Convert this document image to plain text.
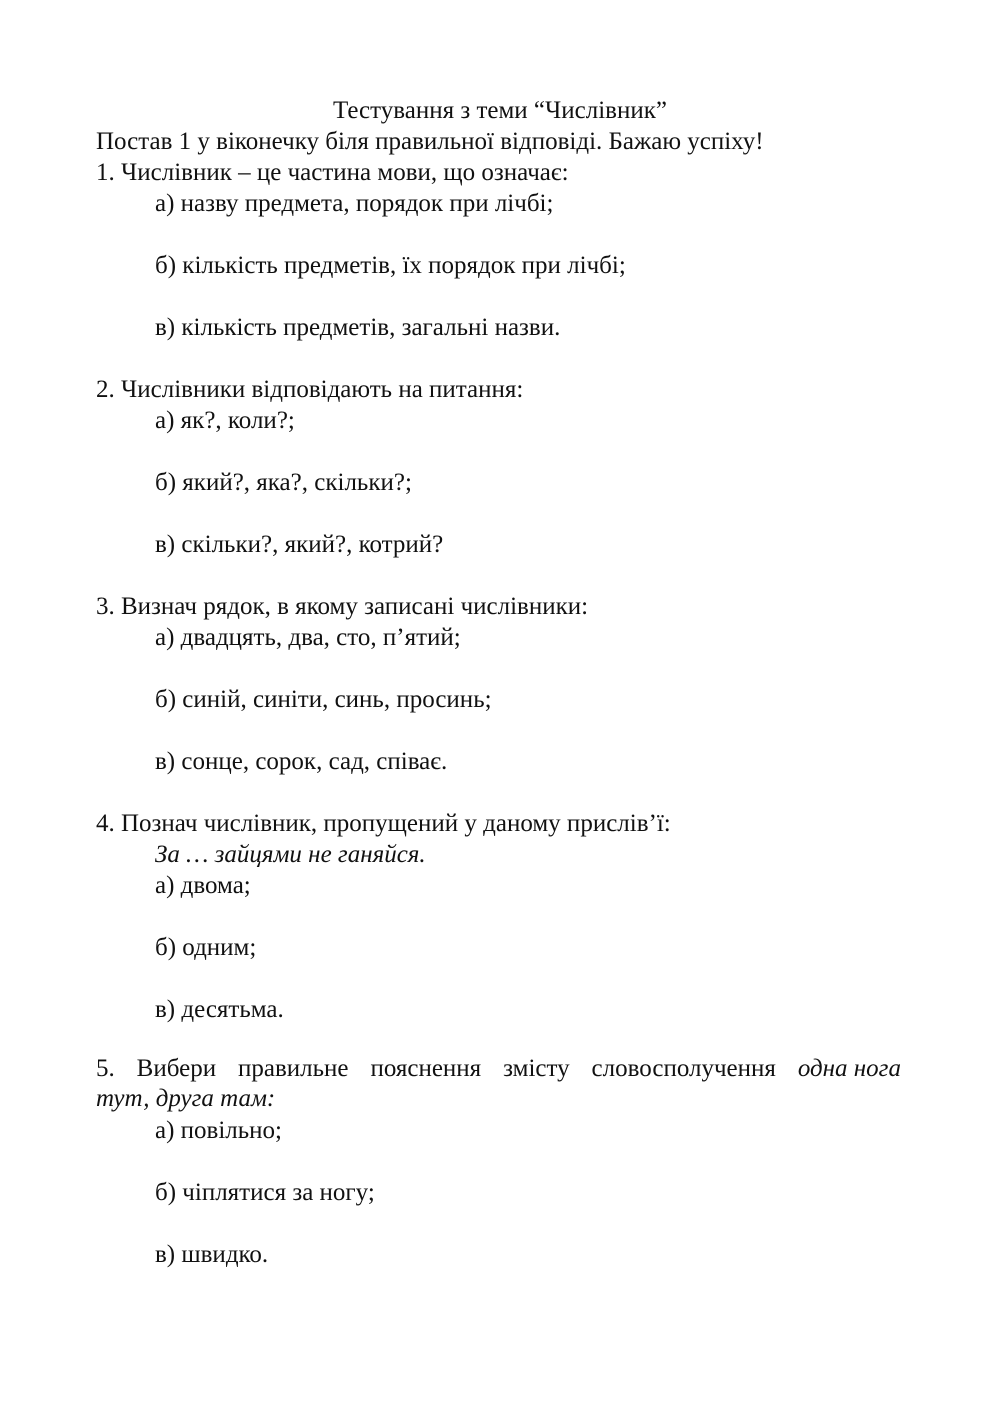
Тестування з теми “Числівник”
Постав 1 у віконечку біля правильної відповіді. Бажаю успіху!
1. Числівник – це частина мови, що означає:
а) назву предмета, порядок при лічбі;
б) кількість предметів, їх порядок при лічбі;
в) кількість предметів, загальні назви.
2. Числівники відповідають на питання:
а) як?, коли?;
б) який?, яка?, скільки?;
в) скільки?, який?, котрий?
3. Визнач рядок, в якому записані числівники:
а) двадцять, два, сто, п’ятий;
б) синій, синіти, синь, просинь;
в) сонце, сорок, сад, співає.
4. Познач числівник, пропущений у даному прислів’ї:
За … зайцями не ганяйся.
а) двома;
б) одним;
в) десятьма.
5. Вибери правильне пояснення змісту словосполучення одна нога
тут, друга там:
а) повільно;
б) чіплятися за ногу;
в) швидко.
